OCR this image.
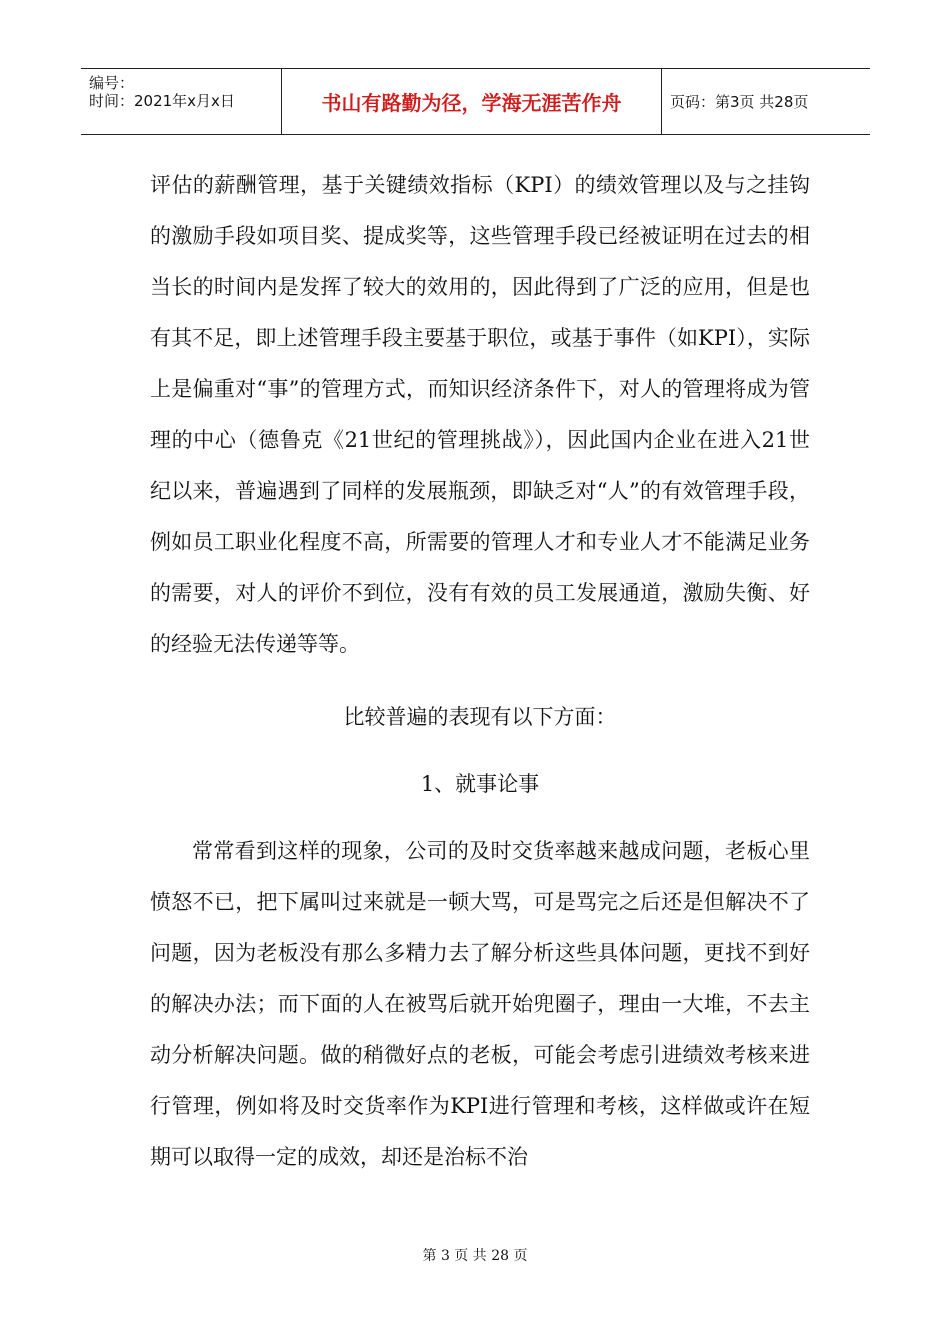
编号：
时间：2021年x月x日	书山有路勤为径，学海无涯苦作舟	页码：第3页 共28页

评估的薪酬管理，基于关键绩效指标（KPI）的绩效管理以及与之挂钩的激励手段如项目奖、提成奖等，这些管理手段已经被证明在过去的相当长的时间内是发挥了较大的效用的，因此得到了广泛的应用，但是也有其不足，即上述管理手段主要基于职位，或基于事件（如KPI），实际上是偏重对“事”的管理方式，而知识经济条件下，对人的管理将成为管理的中心（德鲁克《21世纪的管理挑战》），因此国内企业在进入21世纪以来，普遍遇到了同样的发展瓶颈，即缺乏对“人”的有效管理手段，例如员工职业化程度不高，所需要的管理人才和专业人才不能满足业务的需要，对人的评价不到位，没有有效的员工发展通道，激励失衡、好的经验无法传递等等。

比较普遍的表现有以下方面：

1、就事论事

常常看到这样的现象，公司的及时交货率越来越成问题，老板心里愤怒不已，把下属叫过来就是一顿大骂，可是骂完之后还是但解决不了问题，因为老板没有那么多精力去了解分析这些具体问题，更找不到好的解决办法；而下面的人在被骂后就开始兜圈子，理由一大堆，不去主动分析解决问题。做的稍微好点的老板，可能会考虑引进绩效考核来进行管理，例如将及时交货率作为KPI进行管理和考核，这样做或许在短期可以取得一定的成效，却还是治标不治

第 3 页 共 28 页
